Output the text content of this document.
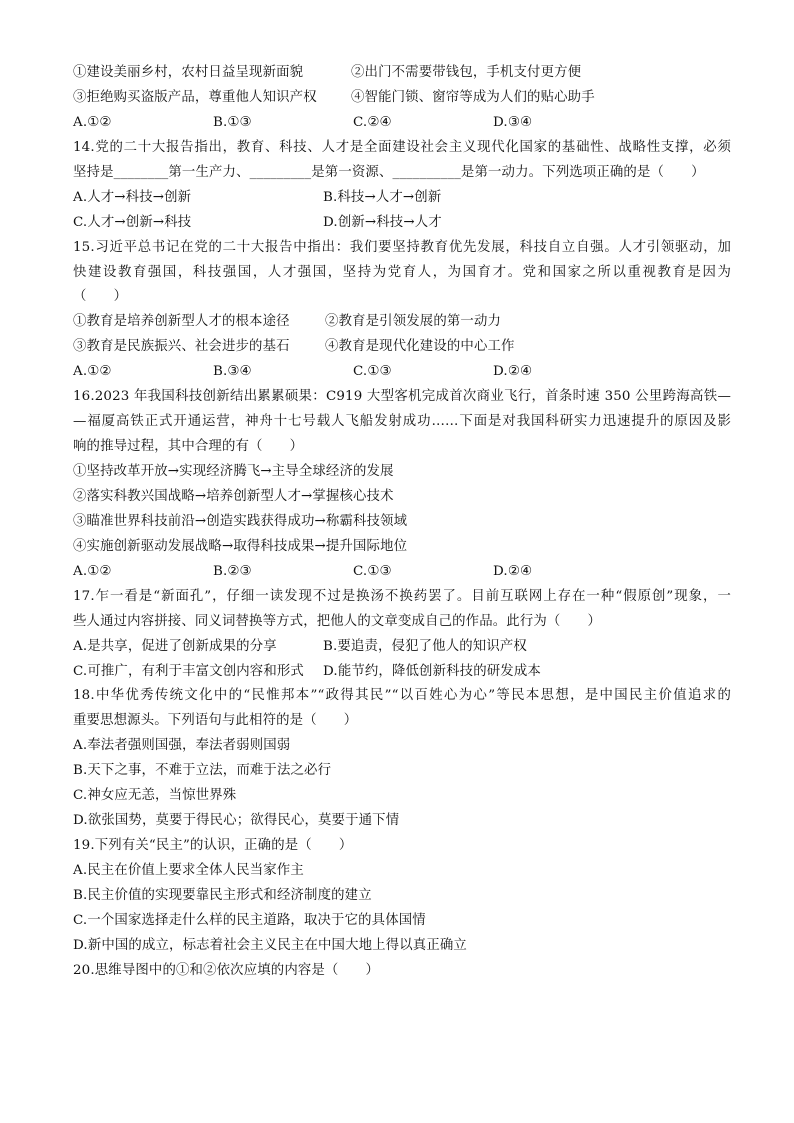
①建设美丽乡村，农村日益呈现新面貌	②出门不需要带钱包，手机支付更方便
③拒绝购买盗版产品，尊重他人知识产权	④智能门锁、窗帘等成为人们的贴心助手
A.①②	B.①③	C.②④	D.③④
14.党的二十大报告指出，教育、科技、人才是全面建设社会主义现代化国家的基础性、战略性支撑，必须
坚持是________第一生产力、_________是第一资源、__________是第一动力。下列选项正确的是（　　）
A.人才→科技→创新	B.科技→人才→创新
C.人才→创新→科技	D.创新→科技→人才
15.习近平总书记在党的二十大报告中指出：我们要坚持教育优先发展，科技自立自强。人才引领驱动，加
快建设教育强国，科技强国，人才强国，坚持为党育人，为国育才。党和国家之所以重视教育是因为
（　　）
①教育是培养创新型人才的根本途径	②教育是引领发展的第一动力
③教育是民族振兴、社会进步的基石	④教育是现代化建设的中心工作
A.①②	B.③④	C.①③	D.②④
16.2023 年我国科技创新结出累累硕果：C919 大型客机完成首次商业飞行，首条时速 350 公里跨海高铁—
—福厦高铁正式开通运营，神舟十七号载人飞船发射成功……下面是对我国科研实力迅速提升的原因及影
响的推导过程，其中合理的有（　　）
①坚持改革开放→实现经济腾飞→主导全球经济的发展
②落实科教兴国战略→培养创新型人才→掌握核心技术
③瞄准世界科技前沿→创造实践获得成功→称霸科技领域
④实施创新驱动发展战略→取得科技成果→提升国际地位
A.①②	B.②③	C.①③	D.②④
17.乍一看是“新面孔”，仔细一读发现不过是换汤不换药罢了。目前互联网上存在一种“假原创”现象，一
些人通过内容拼接、同义词替换等方式，把他人的文章变成自己的作品。此行为（　　）
A.是共享，促进了创新成果的分享	B.要追责，侵犯了他人的知识产权
C.可推广，有利于丰富文创内容和形式	D.能节约，降低创新科技的研发成本
18.中华优秀传统文化中的“民惟邦本”“政得其民”“以百姓心为心”等民本思想，是中国民主价值追求的
重要思想源头。下列语句与此相符的是（　　）
A.奉法者强则国强，奉法者弱则国弱
B.天下之事，不难于立法，而难于法之必行
C.神女应无恙，当惊世界殊
D.欲张国势，莫要于得民心；欲得民心，莫要于通下情
19.下列有关“民主”的认识，正确的是（　　）
A.民主在价值上要求全体人民当家作主
B.民主价值的实现要靠民主形式和经济制度的建立
C.一个国家选择走什么样的民主道路，取决于它的具体国情
D.新中国的成立，标志着社会主义民主在中国大地上得以真正确立
20.思维导图中的①和②依次应填的内容是（　　）
